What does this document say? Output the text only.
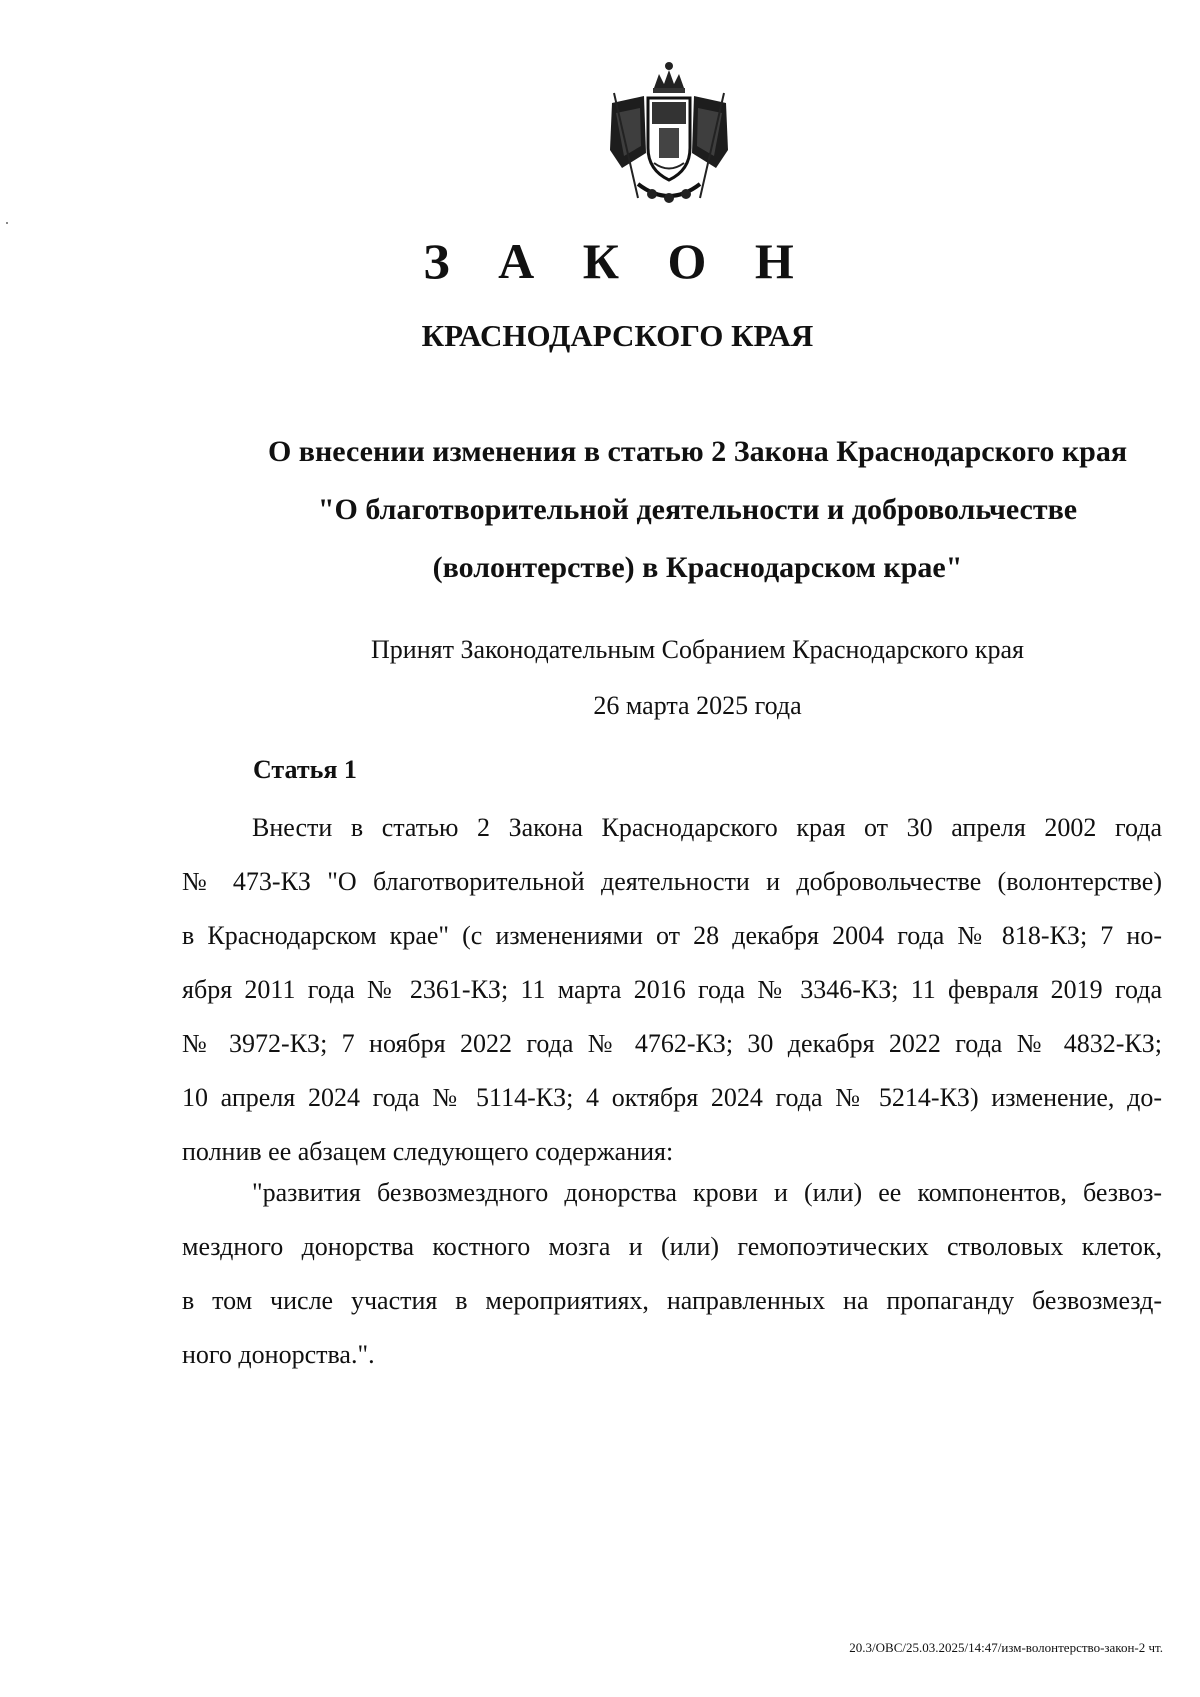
З А К О Н
КРАСНОДАРСКОГО КРАЯ
О внесении изменения в статью 2 Закона Краснодарского края
"О благотворительной деятельности и добровольчестве
(волонтерстве) в Краснодарском крае"
Принят Законодательным Собранием Краснодарского края
26 марта 2025 года
Статья 1
Внести в статью 2 Закона Краснодарского края от 30 апреля 2002 года
№ 473-КЗ "О благотворительной деятельности и добровольчестве (волонтерстве)
в Краснодарском крае" (с изменениями от 28 декабря 2004 года № 818-КЗ; 7 но-
ября 2011 года № 2361-КЗ; 11 марта 2016 года № 3346-КЗ; 11 февраля 2019 года
№ 3972-КЗ; 7 ноября 2022 года № 4762-КЗ; 30 декабря 2022 года № 4832-КЗ;
10 апреля 2024 года № 5114-КЗ; 4 октября 2024 года № 5214-КЗ) изменение, до-
полнив ее абзацем следующего содержания:
"развития безвозмездного донорства крови и (или) ее компонентов, безвоз-
мездного донорства костного мозга и (или) гемопоэтических стволовых клеток,
в том числе участия в мероприятиях, направленных на пропаганду безвозмезд-
ного донорства.".
20.3/ОВС/25.03.2025/14:47/изм-волонтерство-закон-2 чт.
